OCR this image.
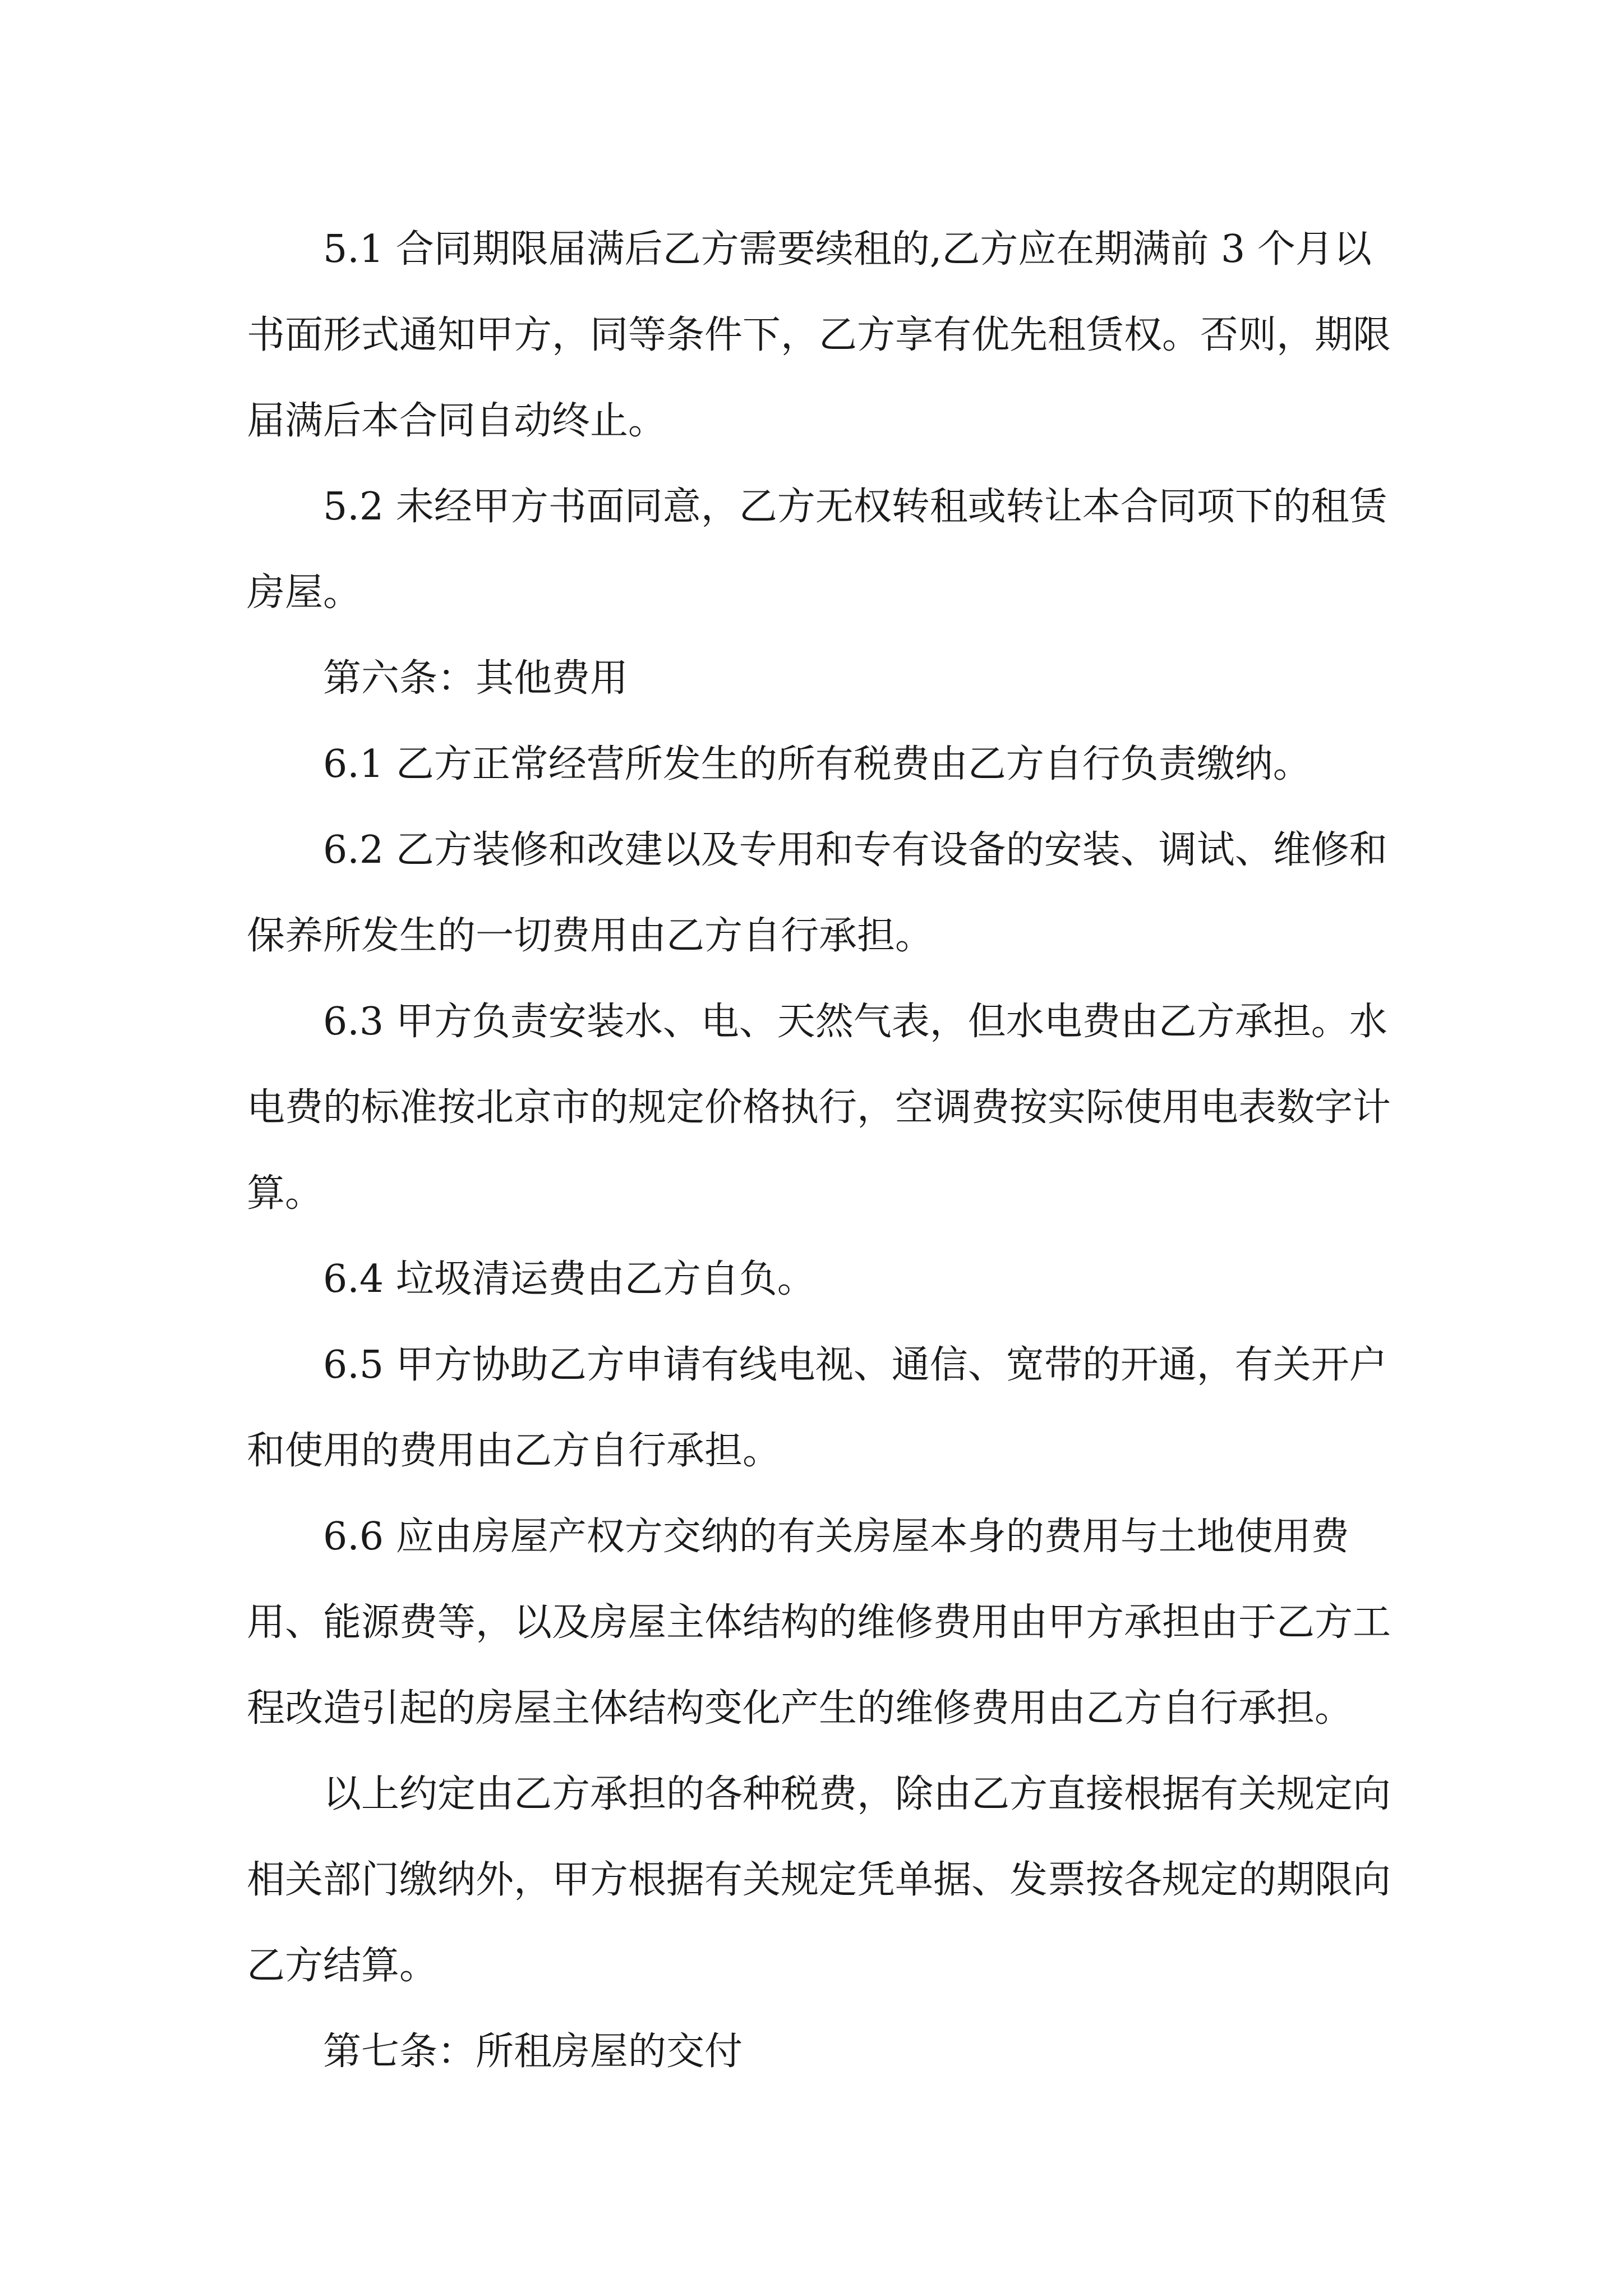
5.1 合同期限届满后乙方需要续租的,乙方应在期满前 3 个月以书面形式通知甲方，同等条件下，乙方享有优先租赁权。否则，期限届满后本合同自动终止。

5.2 未经甲方书面同意，乙方无权转租或转让本合同项下的租赁房屋。

第六条：其他费用

6.1 乙方正常经营所发生的所有税费由乙方自行负责缴纳。

6.2 乙方装修和改建以及专用和专有设备的安装、调试、维修和保养所发生的一切费用由乙方自行承担。

6.3 甲方负责安装水、电、天然气表，但水电费由乙方承担。水电费的标准按北京市的规定价格执行，空调费按实际使用电表数字计算。

6.4 垃圾清运费由乙方自负。

6.5 甲方协助乙方申请有线电视、通信、宽带的开通，有关开户和使用的费用由乙方自行承担。

6.6 应由房屋产权方交纳的有关房屋本身的费用与土地使用费用、能源费等，以及房屋主体结构的维修费用由甲方承担由于乙方工程改造引起的房屋主体结构变化产生的维修费用由乙方自行承担。

以上约定由乙方承担的各种税费，除由乙方直接根据有关规定向相关部门缴纳外，甲方根据有关规定凭单据、发票按各规定的期限向乙方结算。

第七条：所租房屋的交付
